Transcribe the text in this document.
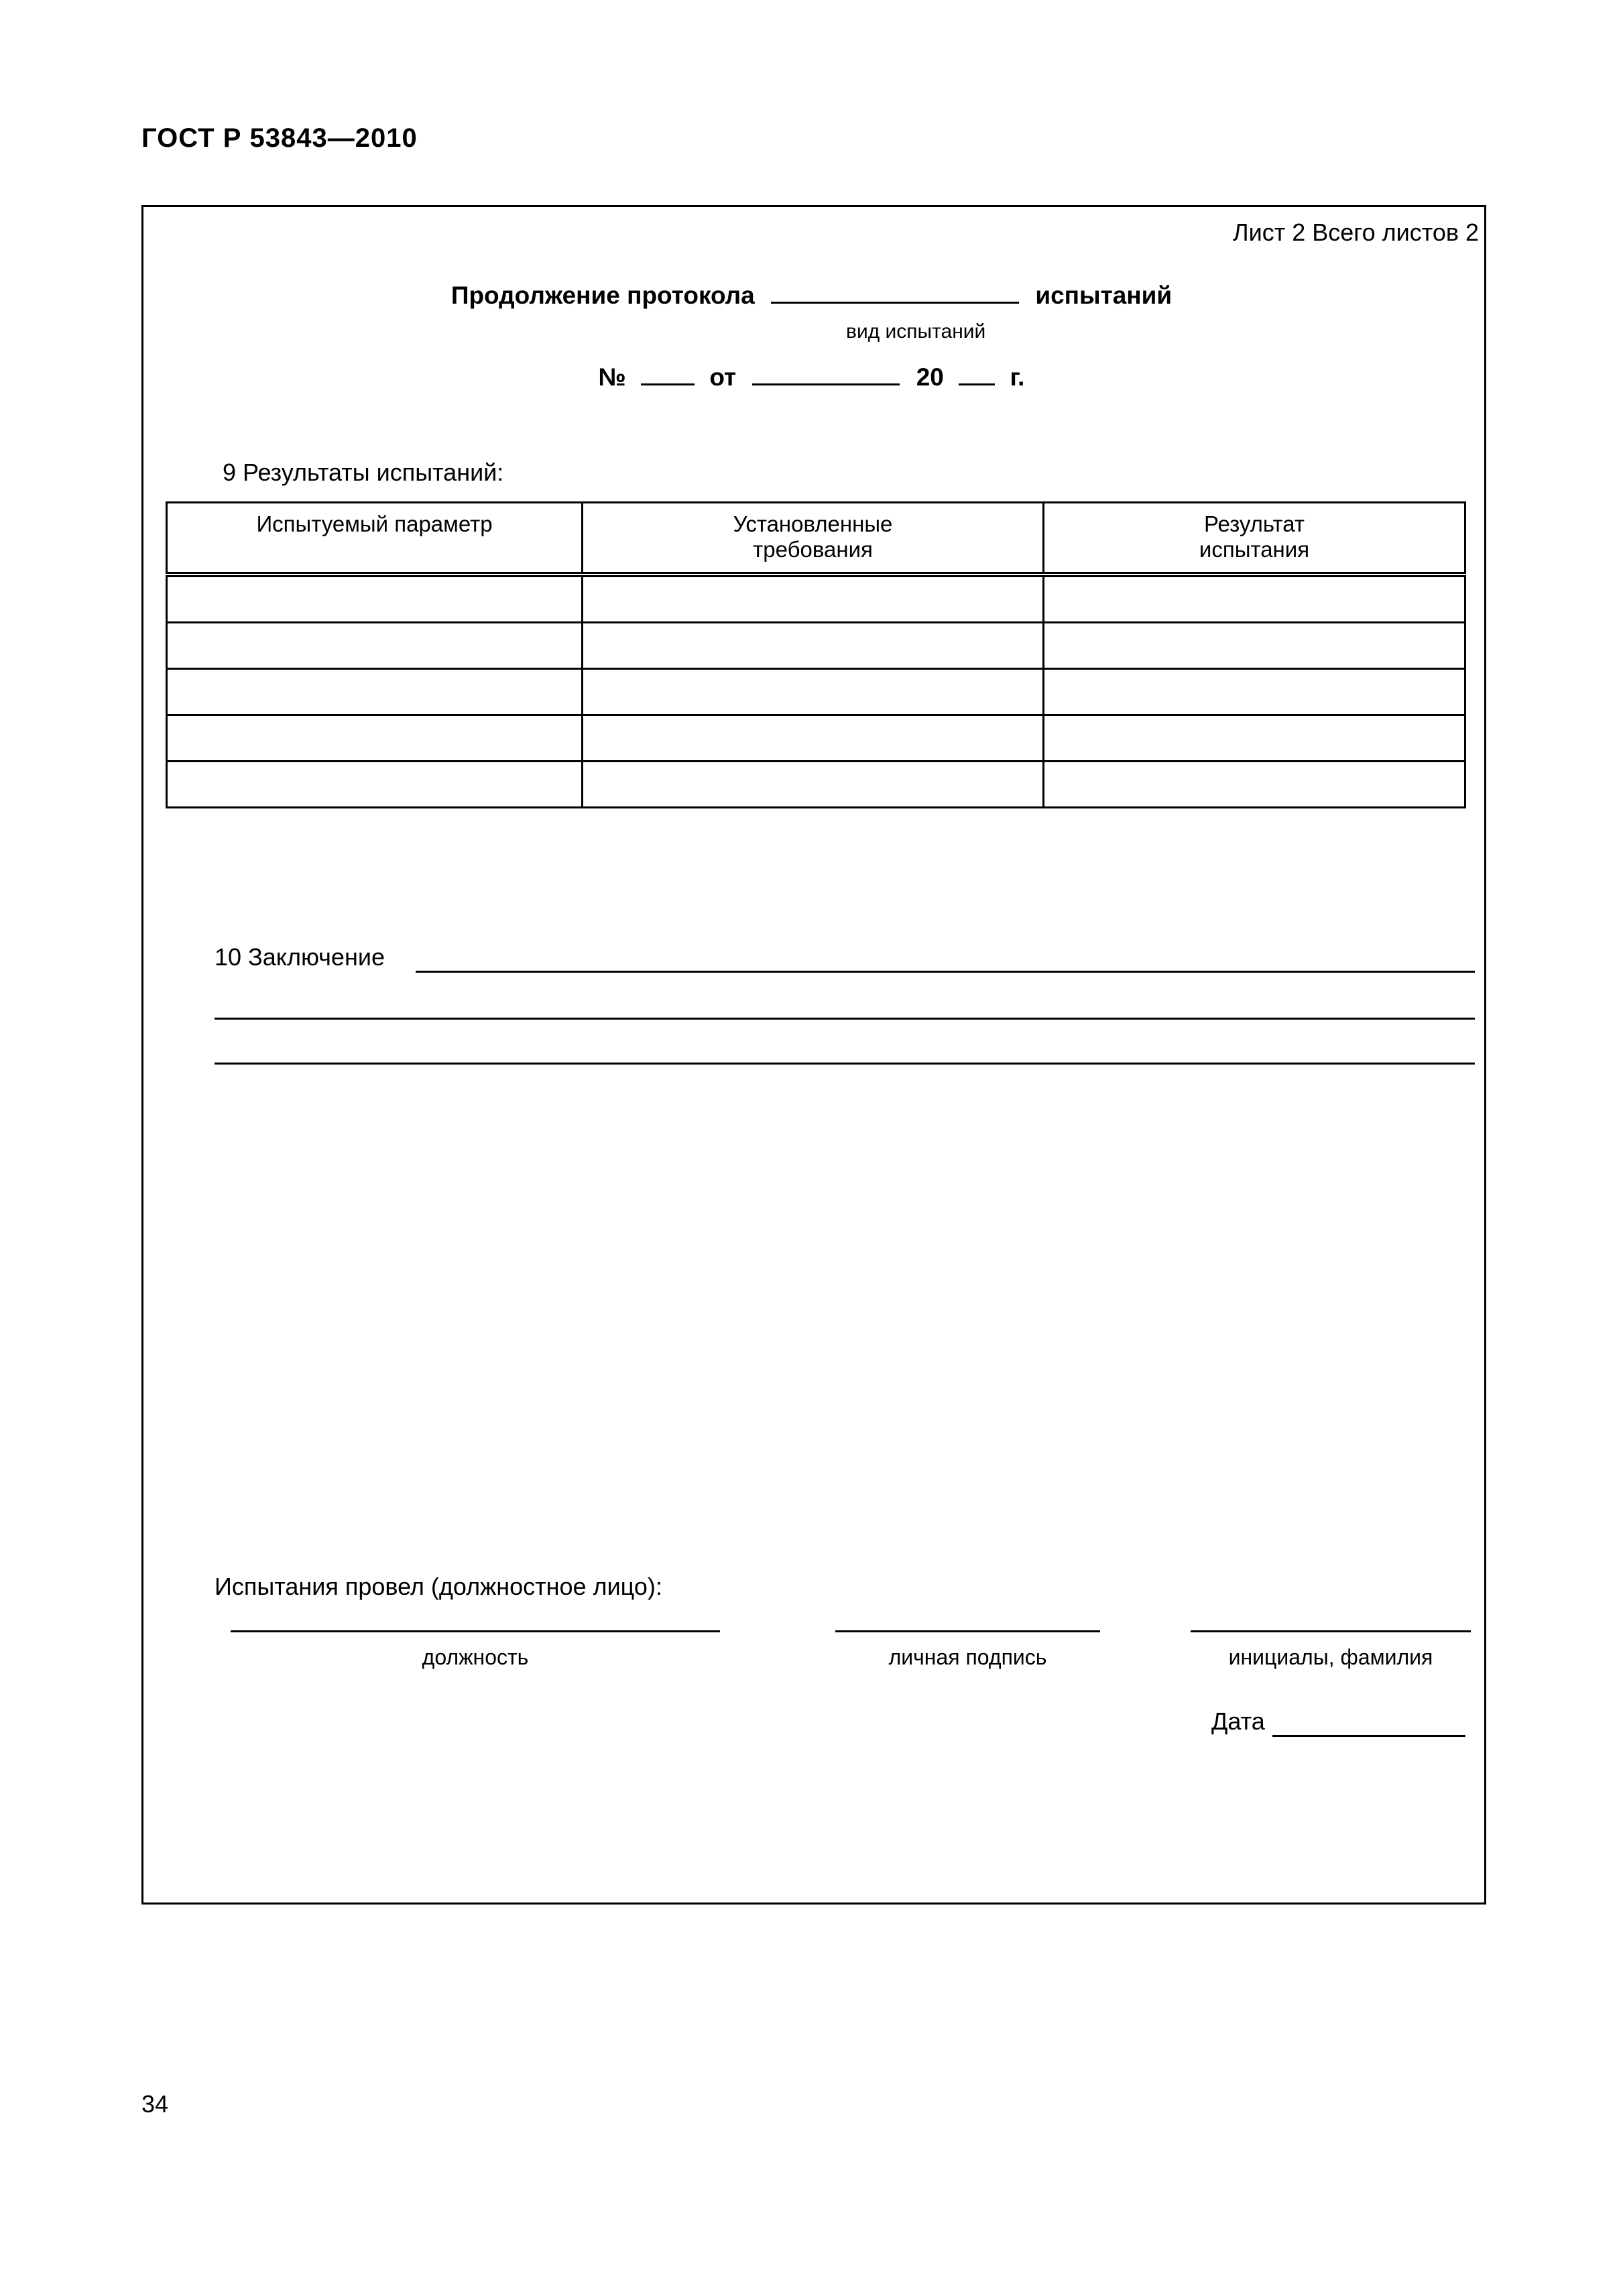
ГОСТ Р 53843—2010
Лист 2 Всего листов 2
Продолжение протокола	испытаний
вид испытаний
№	от	20	г.
9 Результаты испытаний:
Испытуемый параметр	Установленные требования	Результат испытания

10 Заключение
Испытания провел (должностное лицо):
должность	личная подпись	инициалы, фамилия
Дата
34
